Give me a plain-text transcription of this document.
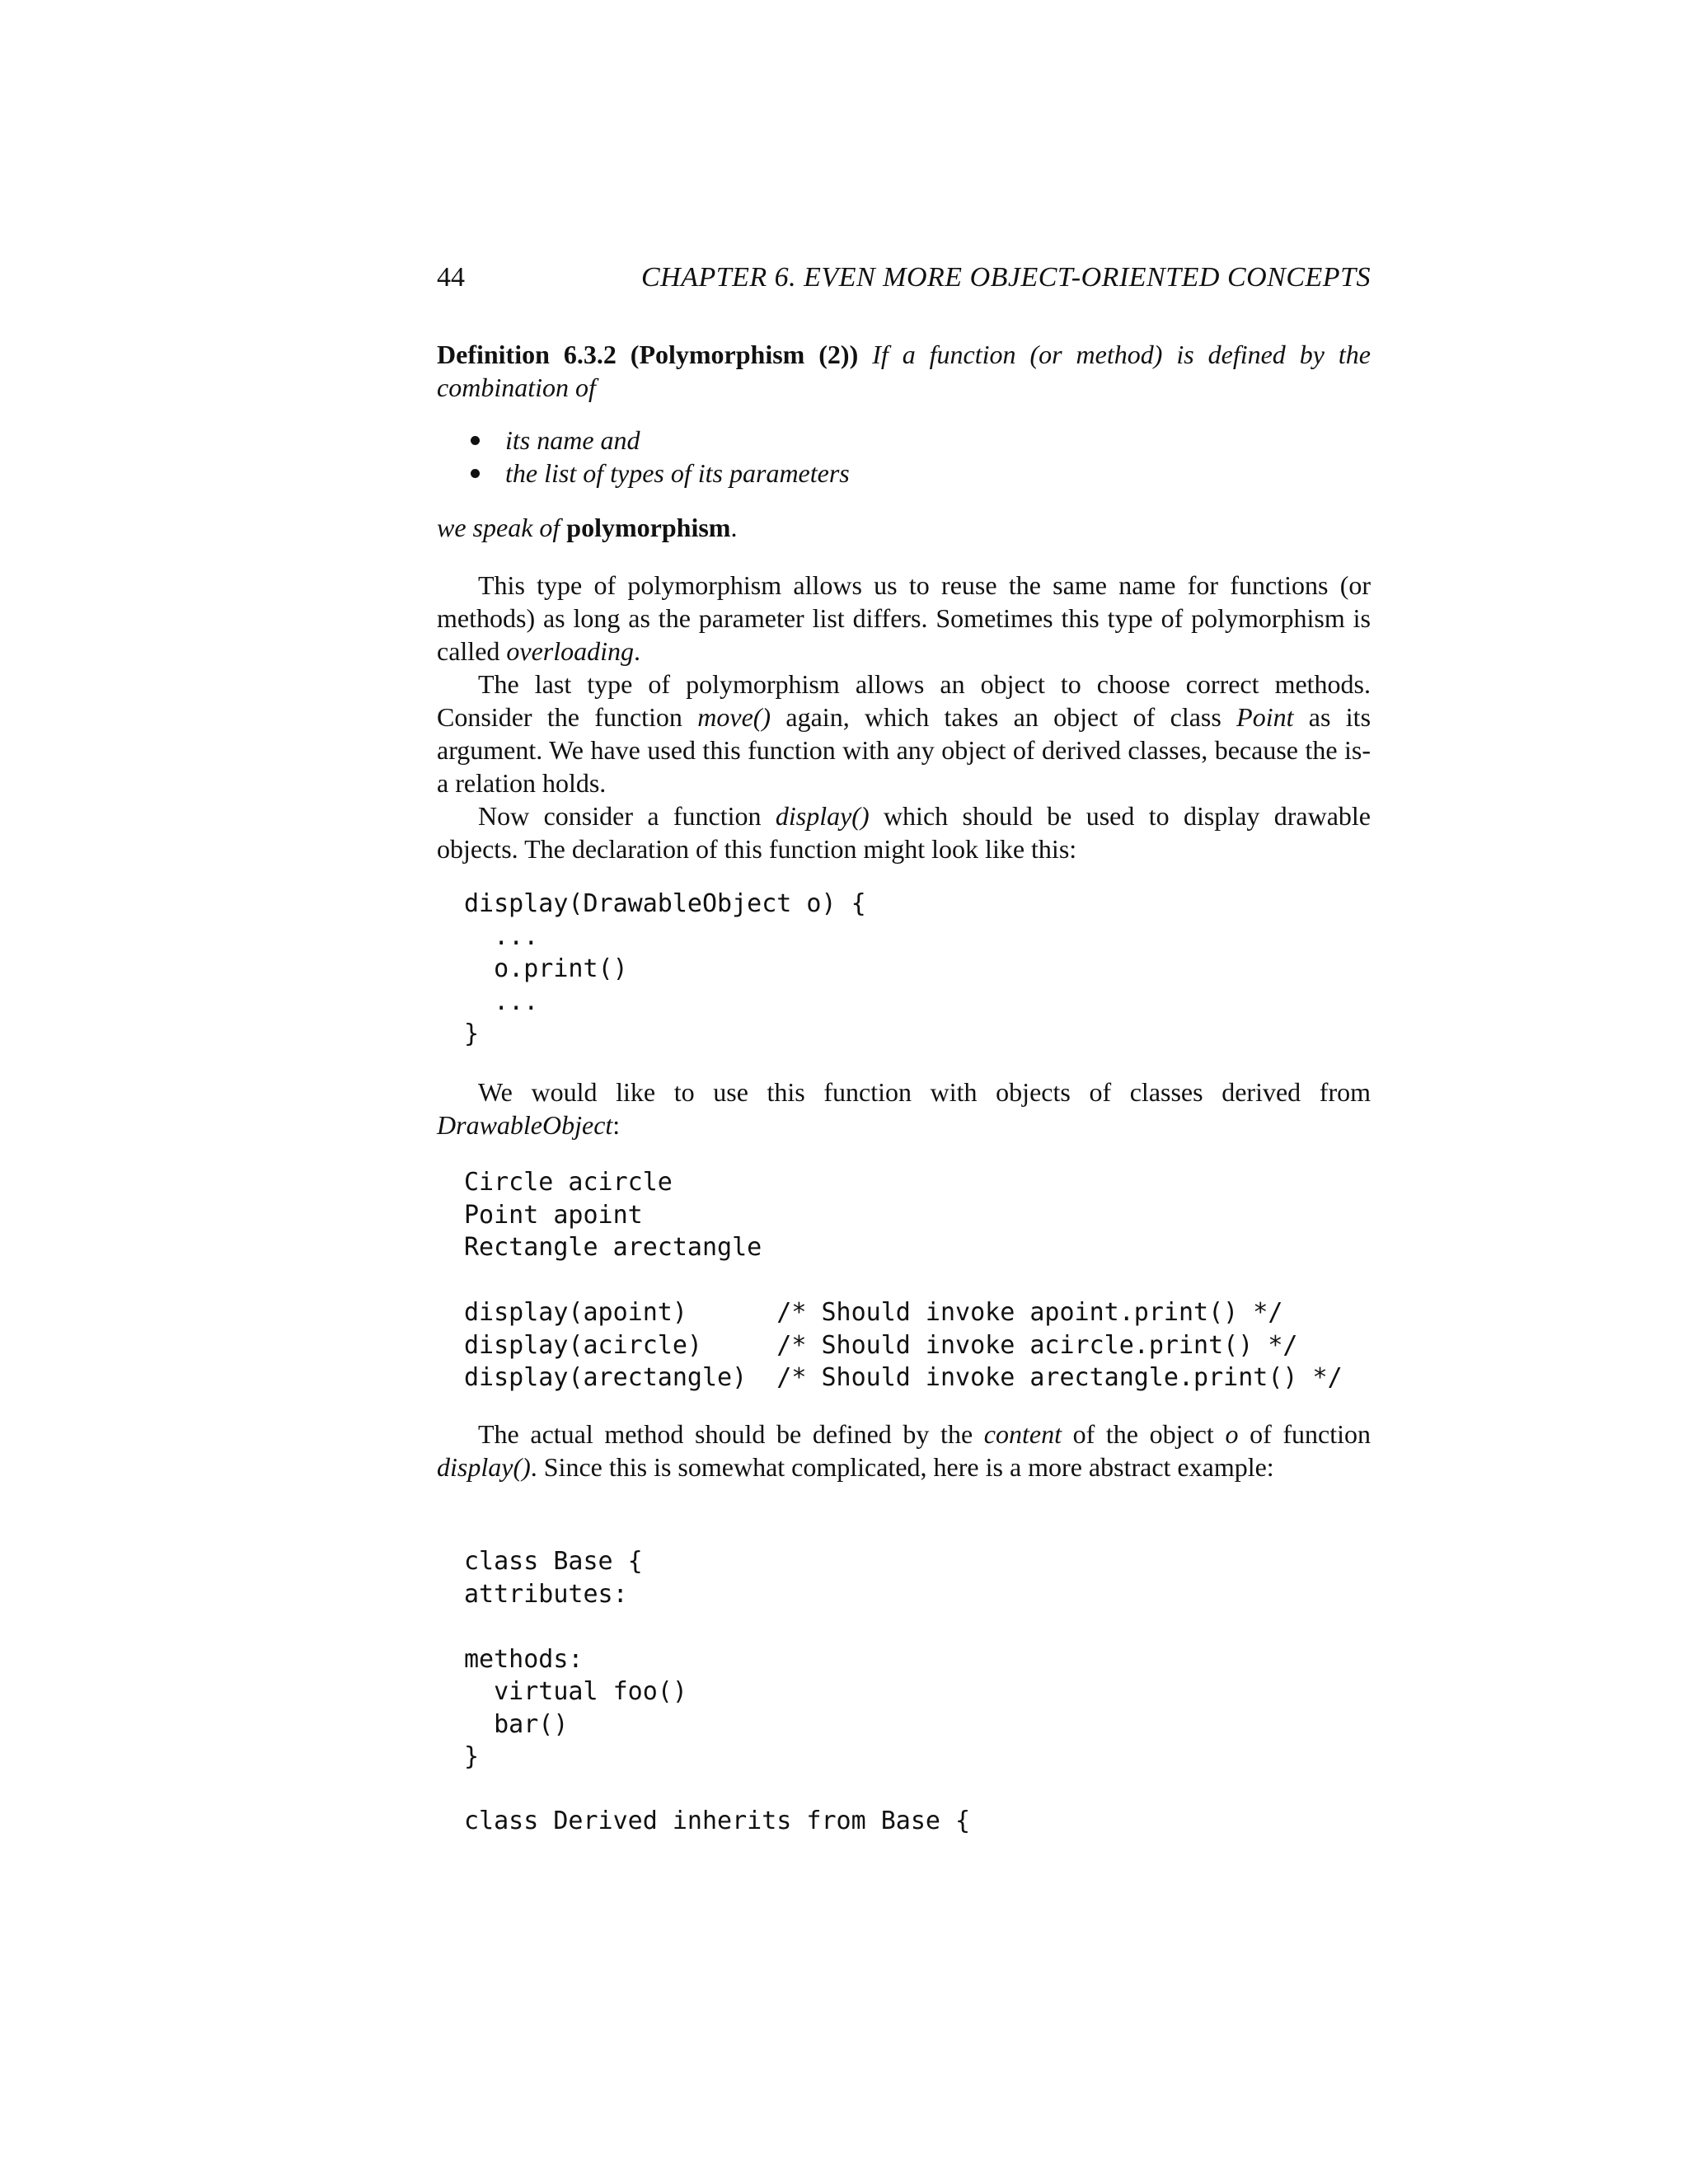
44	CHAPTER 6. EVEN MORE OBJECT-ORIENTED CONCEPTS
Definition 6.3.2 (Polymorphism (2)) If a function (or method) is defined by the combination of
its name and
the list of types of its parameters
we speak of polymorphism.

This type of polymorphism allows us to reuse the same name for functions (or methods) as long as the parameter list differs. Sometimes this type of polymorphism is called overloading.

The last type of polymorphism allows an object to choose correct methods. Consider the function move() again, which takes an object of class Point as its argument. We have used this function with any object of derived classes, because the is-a relation holds.

Now consider a function display() which should be used to display drawable objects. The declaration of this function might look like this:

display(DrawableObject o) {
...
o.print()
...
}

We would like to use this function with objects of classes derived from DrawableObject:

Circle acircle
Point apoint
Rectangle arectangle
display(apoint)      /* Should invoke apoint.print() */
display(acircle)     /* Should invoke acircle.print() */
display(arectangle)  /* Should invoke arectangle.print() */

The actual method should be defined by the content of the object o of function display(). Since this is somewhat complicated, here is a more abstract example:

class Base {
attributes:

methods:
virtual foo()
bar()
}
class Derived inherits from Base {
